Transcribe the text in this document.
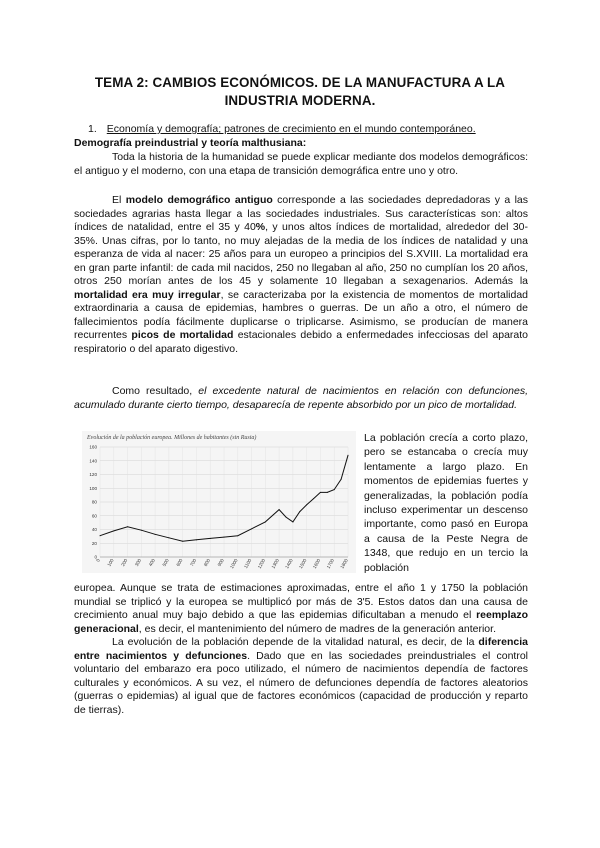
TEMA 2: CAMBIOS ECONÓMICOS. DE LA MANUFACTURA A LA INDUSTRIA MODERNA.
1. Economía y demografía; patrones de crecimiento en el mundo contemporáneo.
Demografía preindustrial y teoría malthusiana:
Toda la historia de la humanidad se puede explicar mediante dos modelos demográficos: el antiguo y el moderno, con una etapa de transición demográfica entre uno y otro.
El modelo demográfico antiguo corresponde a las sociedades depredadoras y a las sociedades agrarias hasta llegar a las sociedades industriales. Sus características son: altos índices de natalidad, entre el 35 y 40%, y unos altos índices de mortalidad, alrededor del 30-35%. Unas cifras, por lo tanto, no muy alejadas de la media de los índices de natalidad y una esperanza de vida al nacer: 25 años para un europeo a principios del S.XVIII. La mortalidad era en gran parte infantil: de cada mil nacidos, 250 no llegaban al año, 250 no cumplían los 20 años, otros 250 morían antes de los 45 y solamente 10 llegaban a sexagenarios. Además la mortalidad era muy irregular, se caracterizaba por la existencia de momentos de mortalidad extraordinaria a causa de epidemias, hambres o guerras. De un año a otro, el número de fallecimientos podía fácilmente duplicarse o triplicarse. Asimismo, se producían de manera recurrentes picos de mortalidad estacionales debido a enfermedades infecciosas del aparato respiratorio o del aparato digestivo.
Como resultado, el excedente natural de nacimientos en relación con defunciones, acumulado durante cierto tiempo, desaparecía de repente absorbido por un pico de mortalidad.
Evolución de la población europea. Millones de habitantes (sin Rusia)
0
20
40
60
80
100
120
140
160
0 100 200 300 400 500 600 700 800 900 1000 1100 1200 1300 1400 1500 1600 1700 1800
La población crecía a corto plazo, pero se estancaba o crecía muy lentamente a largo plazo. En momentos de epidemias fuertes y generalizadas, la población podía incluso experimentar un descenso importante, como pasó en Europa a causa de la Peste Negra de 1348, que redujo en un tercio la población
europea. Aunque se trata de estimaciones aproximadas, entre el año 1 y 1750 la población mundial se triplicó y la europea se multiplicó por más de 3'5. Estos datos dan una causa de crecimiento anual muy bajo debido a que las epidemias dificultaban a menudo el reemplazo generacional, es decir, el mantenimiento del número de madres de la generación anterior.
La evolución de la población depende de la vitalidad natural, es decir, de la diferencia entre nacimientos y defunciones. Dado que en las sociedades preindustriales el control voluntario del embarazo era poco utilizado, el número de nacimientos dependía de factores culturales y económicos. A su vez, el número de defunciones dependía de factores aleatorios (guerras o epidemias) al igual que de factores económicos (capacidad de producción y reparto de tierras).
